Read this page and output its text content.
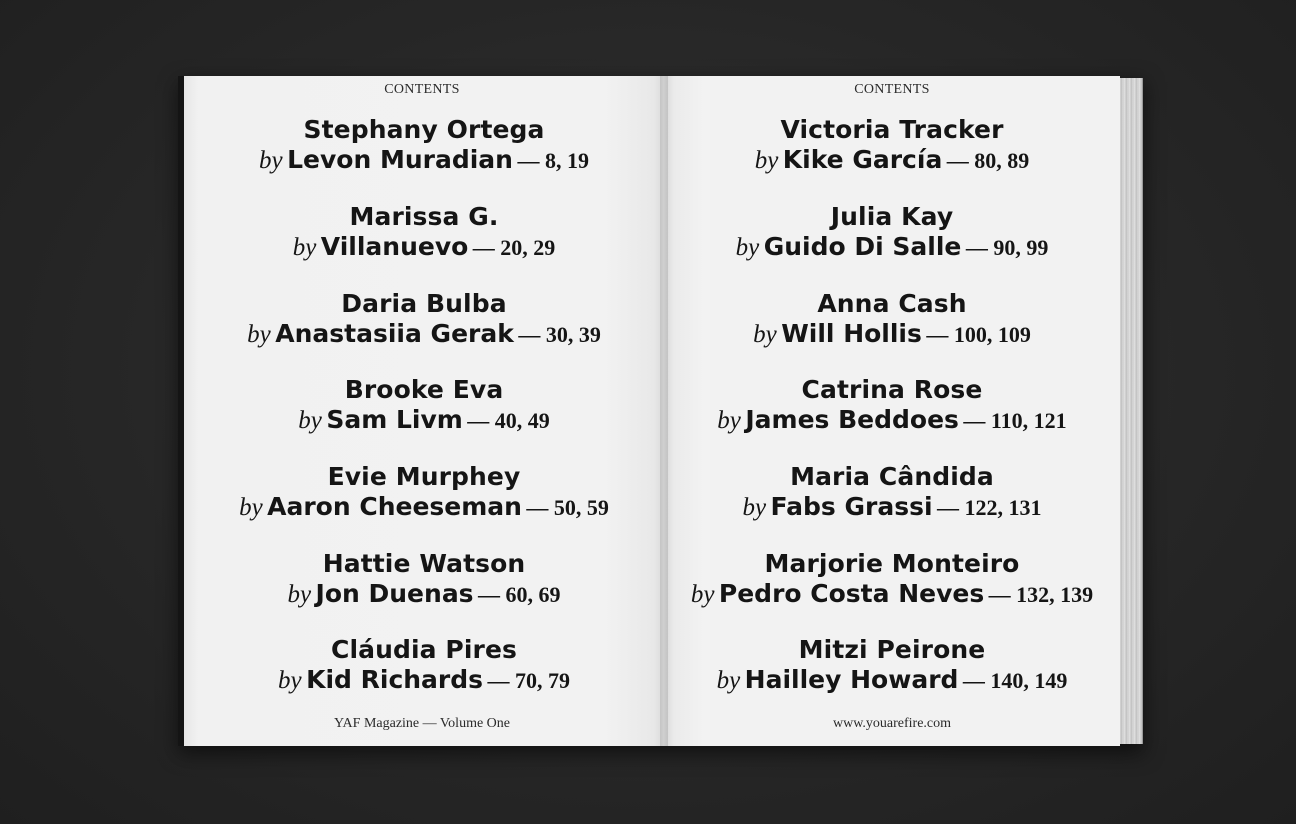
CONTENTS
Stephany Ortega
by Levon Muradian — 8, 19
Marissa G.
by Villanuevo — 20, 29
Daria Bulba
by Anastasiia Gerak — 30, 39
Brooke Eva
by Sam Livm — 40, 49
Evie Murphey
by Aaron Cheeseman — 50, 59
Hattie Watson
by Jon Duenas — 60, 69
Cláudia Pires
by Kid Richards — 70, 79
YAF Magazine — Volume One
CONTENTS
Victoria Tracker
by Kike García — 80, 89
Julia Kay
by Guido Di Salle — 90, 99
Anna Cash
by Will Hollis — 100, 109
Catrina Rose
by James Beddoes — 110, 121
Maria Cândida
by Fabs Grassi — 122, 131
Marjorie Monteiro
by Pedro Costa Neves — 132, 139
Mitzi Peirone
by Hailley Howard — 140, 149
www.youarefire.com
